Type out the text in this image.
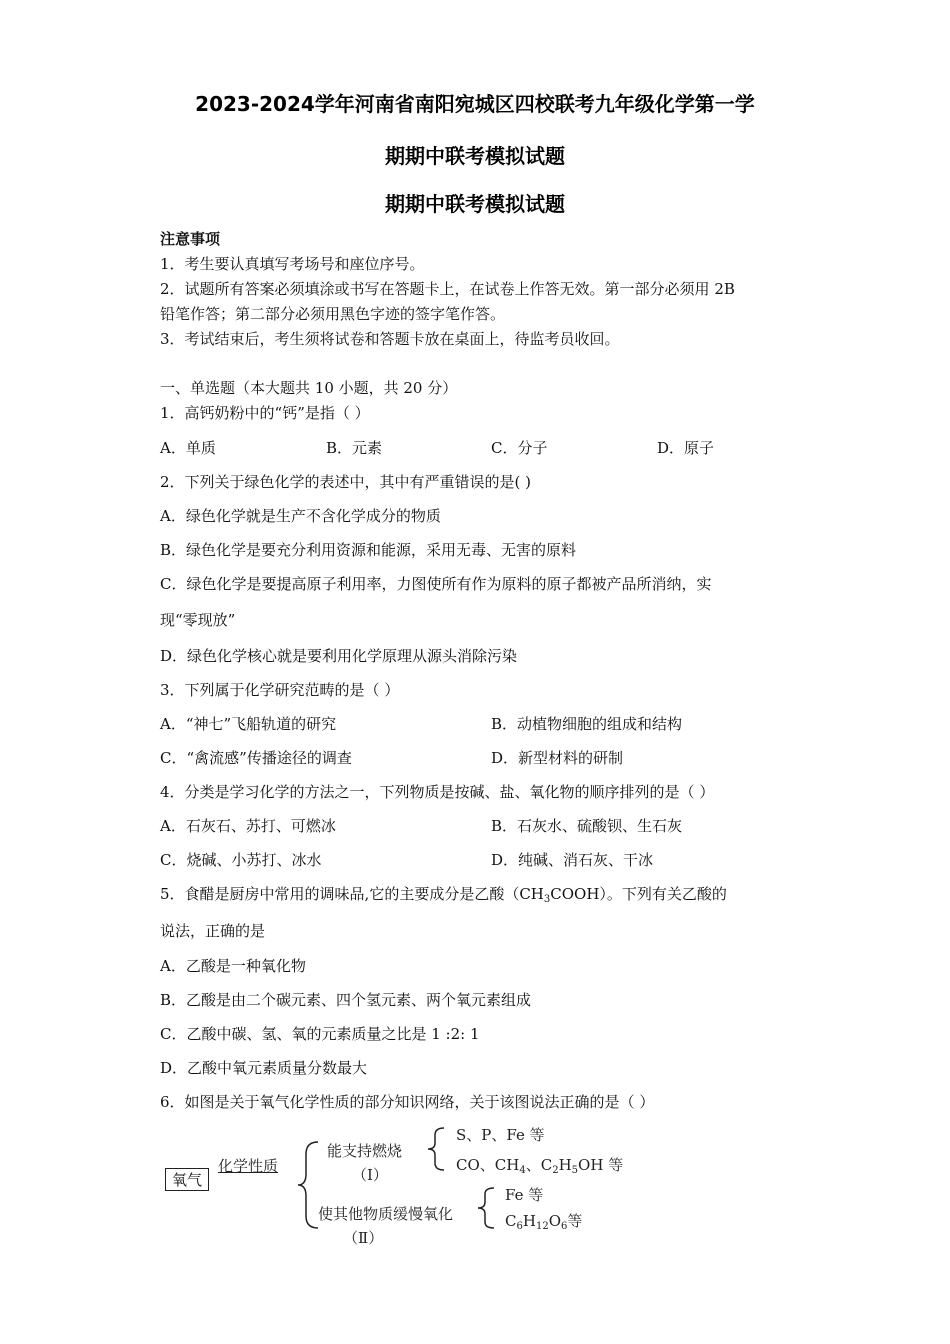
2023-2024学年河南省南阳宛城区四校联考九年级化学第一学
期期中联考模拟试题
期期中联考模拟试题
注意事项
1．考生要认真填写考场号和座位序号。
2．试题所有答案必须填涂或书写在答题卡上，在试卷上作答无效。第一部分必须用 2B
铅笔作答；第二部分必须用黑色字迹的签字笔作答。
3．考试结束后，考生须将试卷和答题卡放在桌面上，待监考员收回。
一、单选题（本大题共 10 小题，共 20 分）
1．高钙奶粉中的“钙”是指（ ）
A．单质	B．元素	C．分子	D．原子
2．下列关于绿色化学的表述中，其中有严重错误的是( )
A．绿色化学就是生产不含化学成分的物质
B．绿色化学是要充分利用资源和能源，采用无毒、无害的原料
C．绿色化学是要提高原子利用率，力图使所有作为原料的原子都被产品所消纳，实
现“零现放”
D．绿色化学核心就是要利用化学原理从源头消除污染
3．下列属于化学研究范畴的是（ ）
A．“神七”飞船轨道的研究	B．动植物细胞的组成和结构
C．“禽流感”传播途径的调查	D．新型材料的研制
4．分类是学习化学的方法之一，下列物质是按碱、盐、氧化物的顺序排列的是（ ）
A．石灰石、苏打、可燃冰	B．石灰水、硫酸钡、生石灰
C．烧碱、小苏打、冰水	D．纯碱、消石灰、干冰
5．食醋是厨房中常用的调味品,它的主要成分是乙酸$(CH_3COOH)$。下列有关乙酸的
说法，正确的是
A．乙酸是一种氧化物
B．乙酸是由二个碳元素、四个氢元素、两个氧元素组成
C．乙酸中碳、氢、氧的元素质量之比是 1 :2: 1
D．乙酸中氧元素质量分数最大
6．如图是关于氧气化学性质的部分知识网络，关于该图说法正确的是（ ）
氧气
化学性质
能支持燃烧
（Ⅰ）
S、P、Fe 等
CO、$CH_4$、$C_2H_5OH$ 等
使其他物质缓慢氧化
（Ⅱ）
Fe 等
$C_6H_{12}O_6$等
